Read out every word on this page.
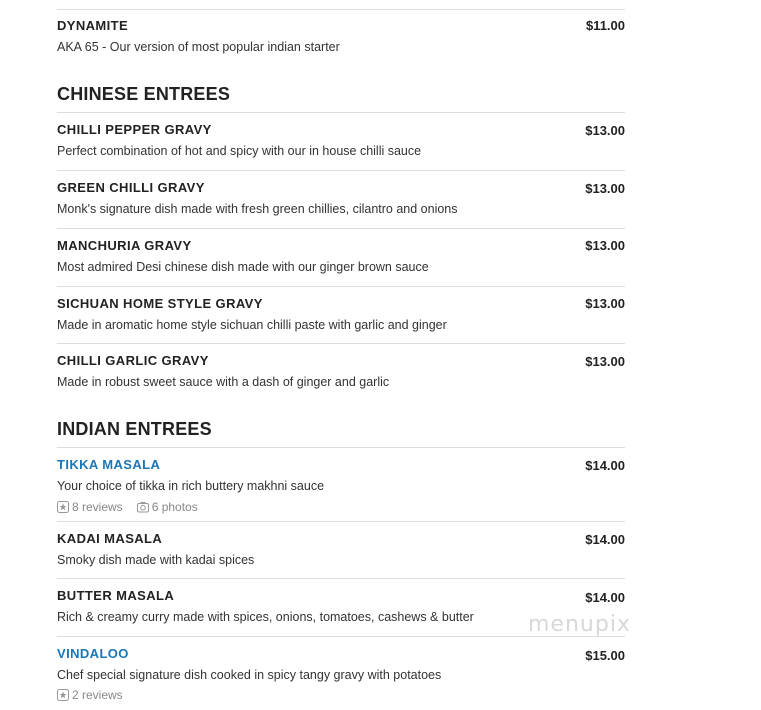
DYNAMITE	$11.00
AKA 65 - Our version of most popular indian starter
CHINESE ENTREES
CHILLI PEPPER GRAVY	$13.00
Perfect combination of hot and spicy with our in house chilli sauce
GREEN CHILLI GRAVY	$13.00
Monk's signature dish made with fresh green chillies, cilantro and onions
MANCHURIA GRAVY	$13.00
Most admired Desi chinese dish made with our ginger brown sauce
SICHUAN HOME STYLE GRAVY	$13.00
Made in aromatic home style sichuan chilli paste with garlic and ginger
CHILLI GARLIC GRAVY	$13.00
Made in robust sweet sauce with a dash of ginger and garlic
INDIAN ENTREES
TIKKA MASALA	$14.00
Your choice of tikka in rich buttery makhni sauce
8 reviews 6 photos
KADAI MASALA	$14.00
Smoky dish made with kadai spices
BUTTER MASALA	$14.00
Rich & creamy curry made with spices, onions, tomatoes, cashews & butter
VINDALOO	$15.00
Chef special signature dish cooked in spicy tangy gravy with potatoes
2 reviews
menupix
